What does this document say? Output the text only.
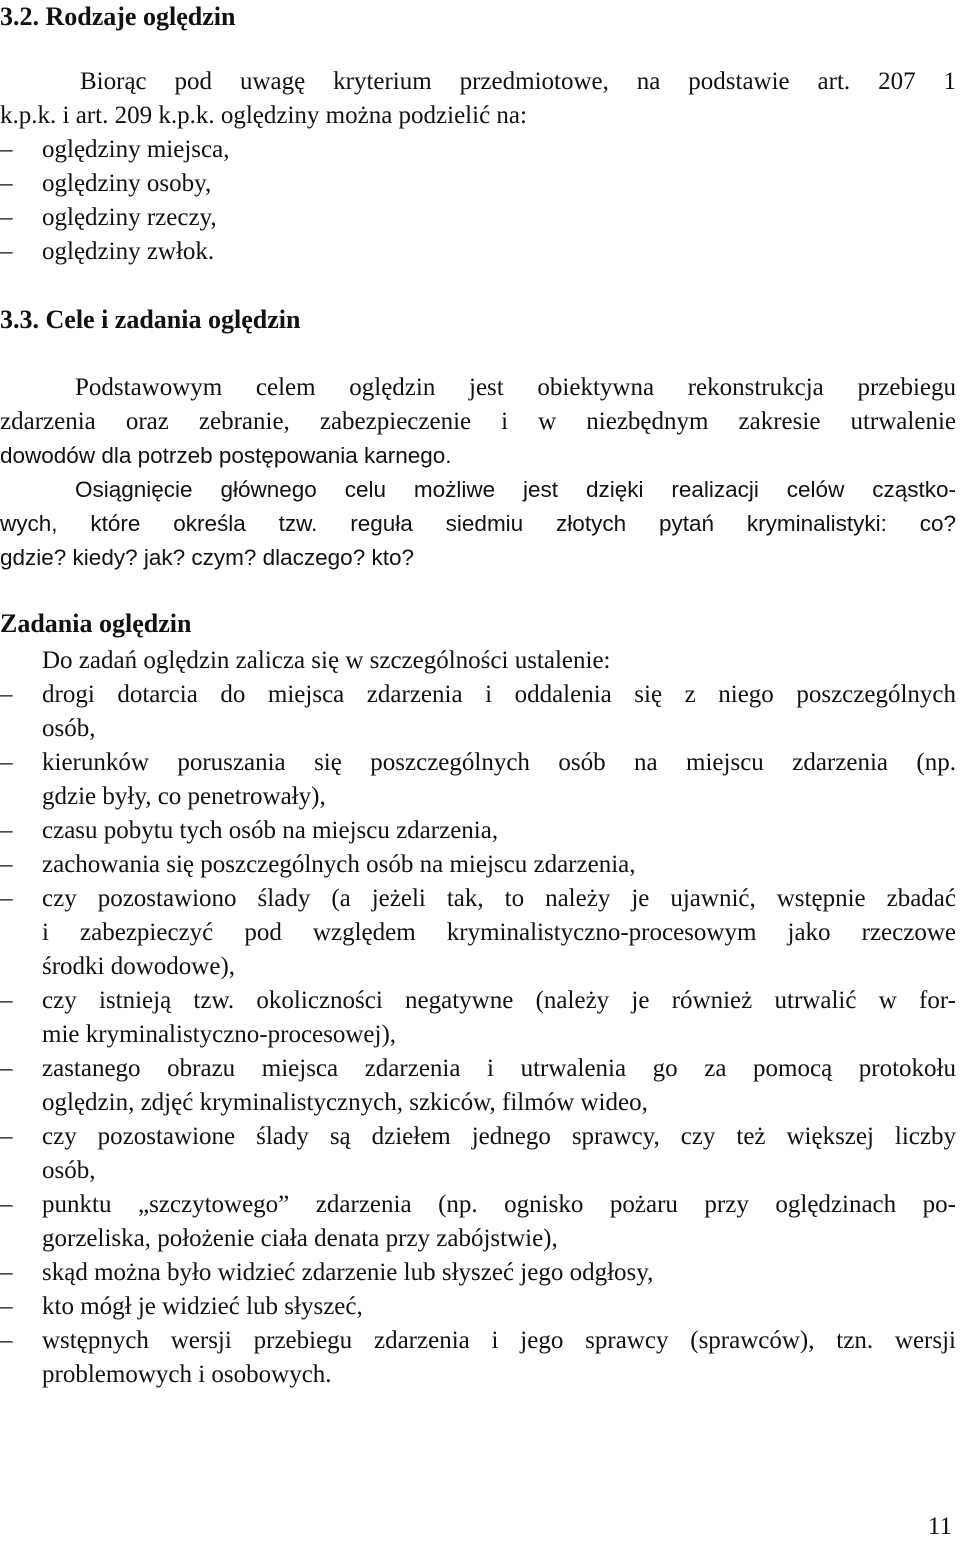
3.2. Rodzaje oględzin
Biorąc pod uwagę kryterium przedmiotowe, na podstawie art. 207 1
k.p.k. i art. 209 k.p.k. oględziny można podzielić na:
– oględziny miejsca,
– oględziny osoby,
– oględziny rzeczy,
– oględziny zwłok.
3.3. Cele i zadania oględzin
Podstawowym celem oględzin jest obiektywna rekonstrukcja przebiegu
zdarzenia oraz zebranie, zabezpieczenie i w niezbędnym zakresie utrwalenie
dowodów dla potrzeb postępowania karnego.
Osiągnięcie głównego celu możliwe jest dzięki realizacji celów cząstko-
wych, które określa tzw. reguła siedmiu złotych pytań kryminalistyki: co?
gdzie? kiedy? jak? czym? dlaczego? kto?
Zadania oględzin
Do zadań oględzin zalicza się w szczególności ustalenie:
– drogi dotarcia do miejsca zdarzenia i oddalenia się z niego poszczególnych
osób,
– kierunków poruszania się poszczególnych osób na miejscu zdarzenia (np.
gdzie były, co penetrowały),
– czasu pobytu tych osób na miejscu zdarzenia,
– zachowania się poszczególnych osób na miejscu zdarzenia,
– czy pozostawiono ślady (a jeżeli tak, to należy je ujawnić, wstępnie zbadać
i zabezpieczyć pod względem kryminalistyczno-procesowym jako rzeczowe
środki dowodowe),
– czy istnieją tzw. okoliczności negatywne (należy je również utrwalić w for-
mie kryminalistyczno-procesowej),
– zastanego obrazu miejsca zdarzenia i utrwalenia go za pomocą protokołu
oględzin, zdjęć kryminalistycznych, szkiców, filmów wideo,
– czy pozostawione ślady są dziełem jednego sprawcy, czy też większej liczby
osób,
– punktu „szczytowego” zdarzenia (np. ognisko pożaru przy oględzinach po-
gorzeliska, położenie ciała denata przy zabójstwie),
– skąd można było widzieć zdarzenie lub słyszeć jego odgłosy,
– kto mógł je widzieć lub słyszeć,
– wstępnych wersji przebiegu zdarzenia i jego sprawcy (sprawców), tzn. wersji
problemowych i osobowych.
11
